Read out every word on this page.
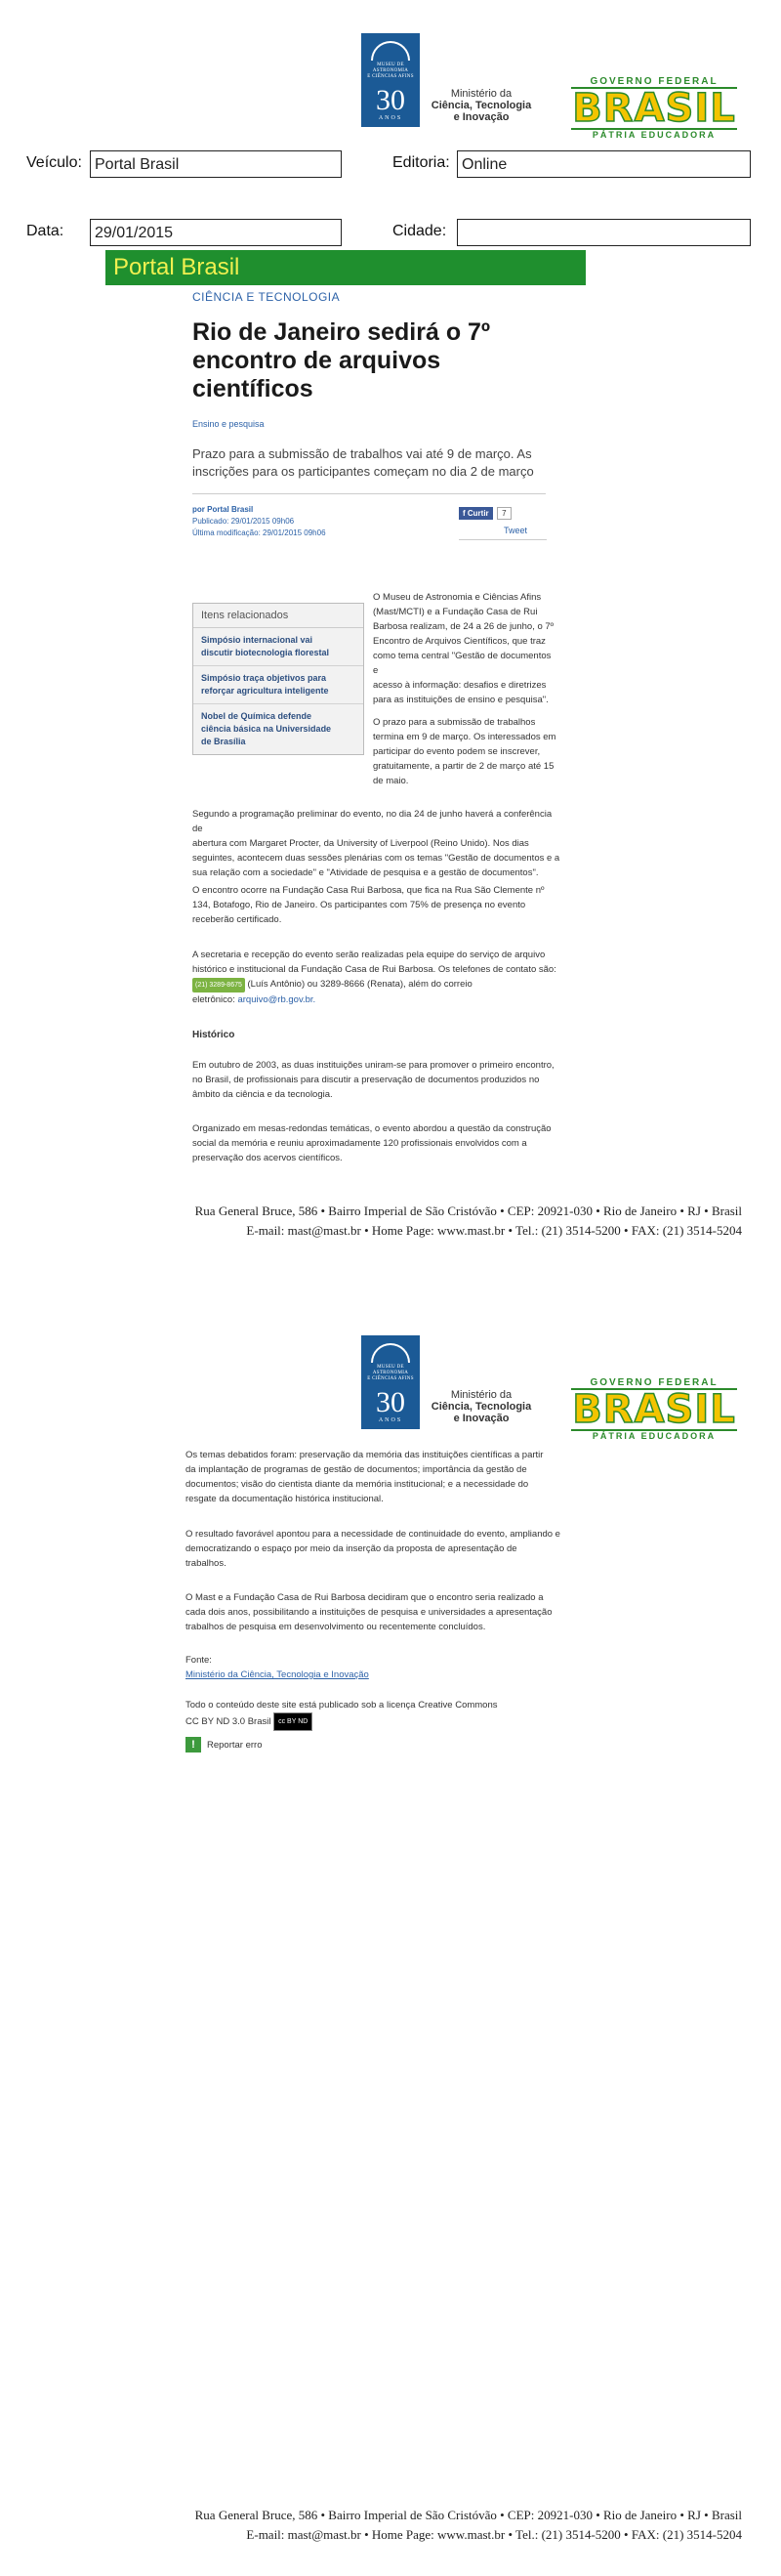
MUSEU DE
ASTRONOMIA
E CIÊNCIAS AFINS
30
ANOS
Ministério da
Ciência, Tecnologia
e Inovação
GOVERNO FEDERAL
BRASIL
PÁTRIA EDUCADORA
Veículo: Portal Brasil	Editoria: Online
Data:	29/01/2015	Cidade:
Portal Brasil
CIÊNCIA E TECNOLOGIA
Rio de Janeiro sedirá o 7º
encontro de arquivos
científicos
Ensino e pesquisa
Prazo para a submissão de trabalhos vai até 9 de março. As
inscrições para os participantes começam no dia 2 de março
por Portal Brasil
Publicado: 29/01/2015 09h06
Última modificação: 29/01/2015 09h06
f Curtir 7
Tweet
Itens relacionados
Simpósio internacional vai
discutir biotecnologia florestal
Simpósio traça objetivos para
reforçar agricultura inteligente
Nobel de Química defende
ciência básica na Universidade
de Brasília
O Museu de Astronomia e Ciências Afins
(Mast/MCTI) e a Fundação Casa de Rui
Barbosa realizam, de 24 a 26 de junho, o 7º
Encontro de Arquivos Científicos, que traz
como tema central "Gestão de documentos e
acesso à informação: desafios e diretrizes
para as instituições de ensino e pesquisa".
O prazo para a submissão de trabalhos
termina em 9 de março. Os interessados em
participar do evento podem se inscrever,
gratuitamente, a partir de 2 de março até 15
de maio.
Segundo a programação preliminar do evento, no dia 24 de junho haverá a conferência de
abertura com Margaret Procter, da University of Liverpool (Reino Unido). Nos dias
seguintes, acontecem duas sessões plenárias com os temas "Gestão de documentos e a
sua relação com a sociedade" e "Atividade de pesquisa e a gestão de documentos".
O encontro ocorre na Fundação Casa Rui Barbosa, que fica na Rua São Clemente nº
134, Botafogo, Rio de Janeiro. Os participantes com 75% de presença no evento
receberão certificado.
A secretaria e recepção do evento serão realizadas pela equipe do serviço de arquivo
histórico e institucional da Fundação Casa de Rui Barbosa. Os telefones de contato são:
(21) 3289-8675 (Luís Antônio) ou 3289-8666 (Renata), além do correio
eletrônico: arquivo@rb.gov.br.
Histórico
Em outubro de 2003, as duas instituições uniram-se para promover o primeiro encontro,
no Brasil, de profissionais para discutir a preservação de documentos produzidos no
âmbito da ciência e da tecnologia.
Organizado em mesas-redondas temáticas, o evento abordou a questão da construção
social da memória e reuniu aproximadamente 120 profissionais envolvidos com a
preservação dos acervos científicos.
Rua General Bruce, 586 • Bairro Imperial de São Cristóvão • CEP: 20921-030 • Rio de Janeiro • RJ • Brasil
E-mail: mast@mast.br • Home Page: www.mast.br • Tel.: (21) 3514-5200 • FAX: (21) 3514-5204
MUSEU DE
ASTRONOMIA
E CIÊNCIAS AFINS
30
ANOS
Ministério da
Ciência, Tecnologia
e Inovação
GOVERNO FEDERAL
BRASIL
PÁTRIA EDUCADORA
Os temas debatidos foram: preservação da memória das instituições científicas a partir
da implantação de programas de gestão de documentos; importância da gestão de
documentos; visão do cientista diante da memória institucional; e a necessidade do
resgate da documentação histórica institucional.
O resultado favorável apontou para a necessidade de continuidade do evento, ampliando e
democratizando o espaço por meio da inserção da proposta de apresentação de
trabalhos.
O Mast e a Fundação Casa de Rui Barbosa decidiram que o encontro seria realizado a
cada dois anos, possibilitando a instituições de pesquisa e universidades a apresentação
trabalhos de pesquisa em desenvolvimento ou recentemente concluídos.
Fonte:
Ministério da Ciência, Tecnologia e Inovação
Todo o conteúdo deste site está publicado sob a licença Creative Commons
CC BY ND 3.0 Brasil cc BY ND
!	Reportar erro
Rua General Bruce, 586 • Bairro Imperial de São Cristóvão • CEP: 20921-030 • Rio de Janeiro • RJ • Brasil
E-mail: mast@mast.br • Home Page: www.mast.br • Tel.: (21) 3514-5200 • FAX: (21) 3514-5204
